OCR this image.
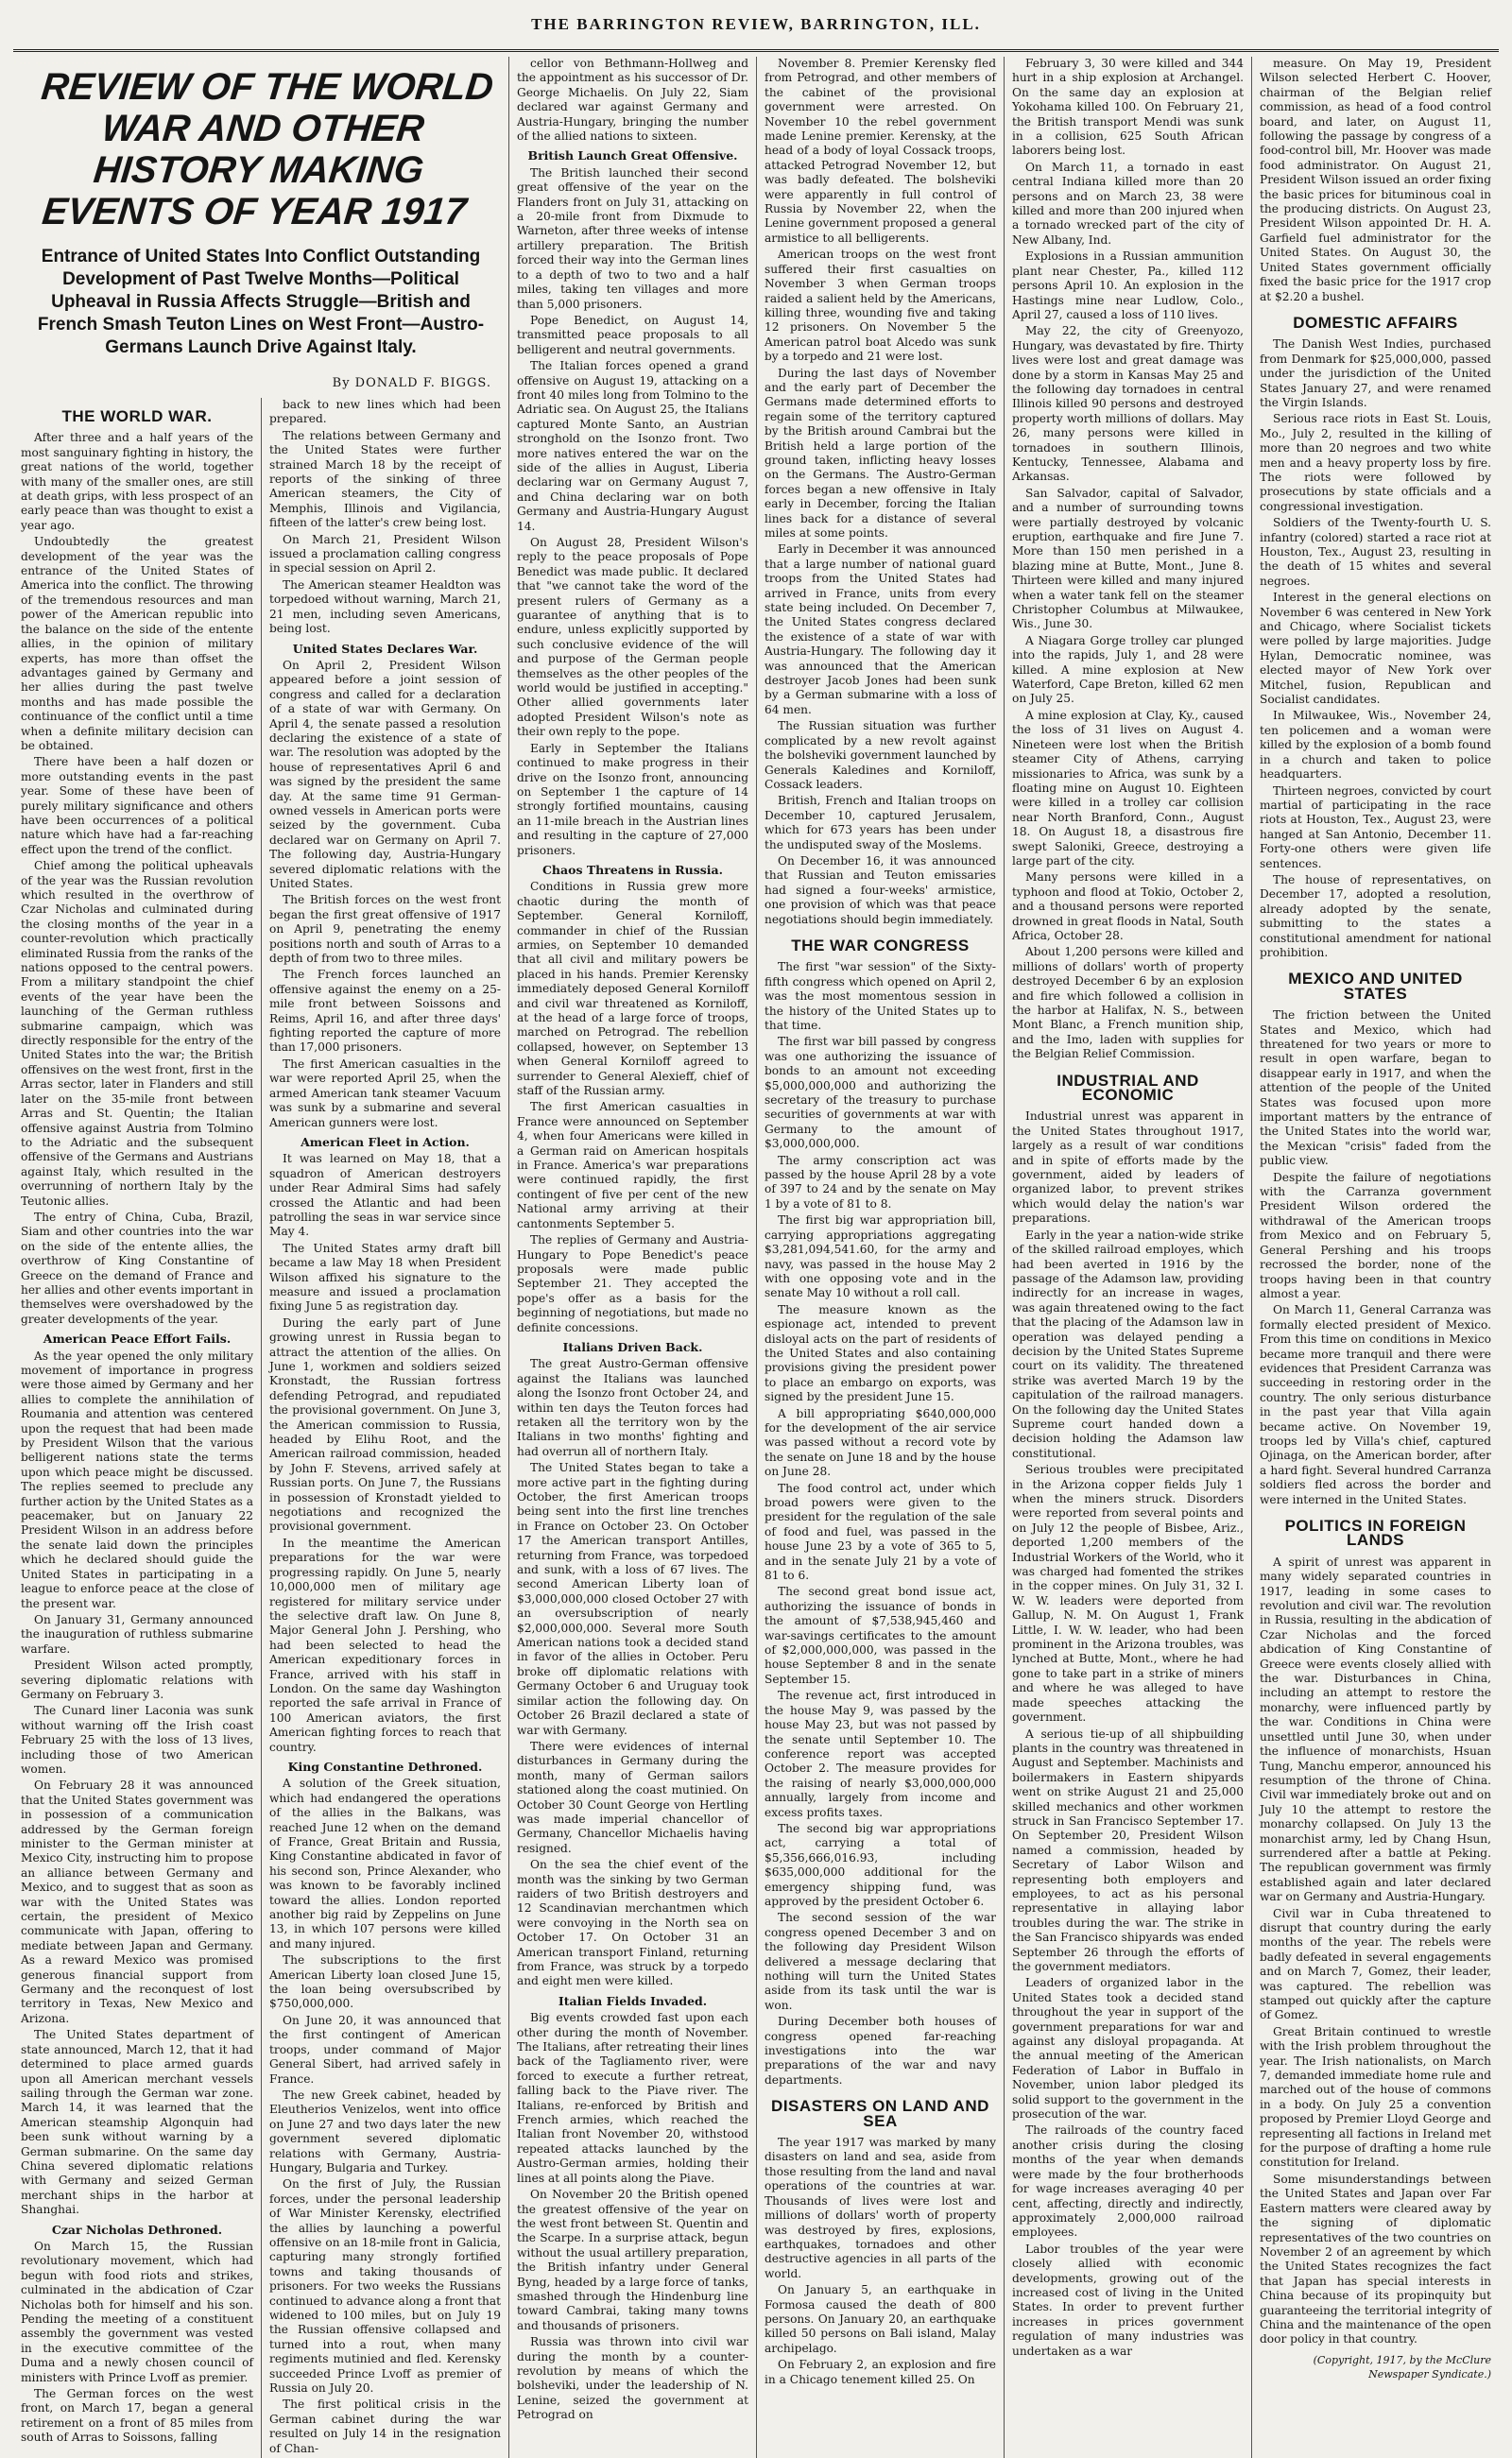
THE BARRINGTON REVIEW, BARRINGTON, ILL.
REVIEW OF THE WORLD WAR AND OTHER HISTORY MAKING EVENTS OF YEAR 1917
Entrance of United States Into Conflict Outstanding Development of Past Twelve Months—Political Upheaval in Russia Affects Struggle—British and French Smash Teuton Lines on West Front—Austro-Germans Launch Drive Against Italy.
By DONALD F. BIGGS.
THE WORLD WAR.

After three and a half years of the most sanguinary fighting in history, the great nations of the world, together with many of the smaller ones, are still at death grips, with less prospect of an early peace than was thought to exist a year ago.

Undoubtedly the greatest development of the year was the entrance of the United States of America into the conflict. The throwing of the tremendous resources and man power of the American republic into the balance on the side of the entente allies, in the opinion of military experts, has more than offset the advantages gained by Germany and her allies during the past twelve months and has made possible the continuance of the conflict until a time when a definite military decision can be obtained.

There have been a half dozen or more outstanding events in the past year. Some of these have been of purely military significance and others have been occurrences of a political nature which have had a far-reaching effect upon the trend of the conflict.

Chief among the political upheavals of the year was the Russian revolution which resulted in the overthrow of Czar Nicholas and culminated during the closing months of the year in a counter-revolution which practically eliminated Russia from the ranks of the nations opposed to the central powers. From a military standpoint the chief events of the year have been the launching of the German ruthless submarine campaign, which was directly responsible for the entry of the United States into the war; the British offensives on the west front, first in the Arras sector, later in Flanders and still later on the 35-mile front between Arras and St. Quentin; the Italian offensive against Austria from Tolmino to the Adriatic and the subsequent offensive of the Germans and Austrians against Italy, which resulted in the overrunning of northern Italy by the Teutonic allies.

The entry of China, Cuba, Brazil, Siam and other countries into the war on the side of the entente allies, the overthrow of King Constantine of Greece on the demand of France and her allies and other events important in themselves were overshadowed by the greater developments of the year.

American Peace Effort Fails.

As the year opened the only military movement of importance in progress were those aimed by Germany and her allies to complete the annihilation of Roumania and attention was centered upon the request that had been made by President Wilson that the various belligerent nations state the terms upon which peace might be discussed. The replies seemed to preclude any further action by the United States as a peacemaker, but on January 22 President Wilson in an address before the senate laid down the principles which he declared should guide the United States in participating in a league to enforce peace at the close of the present war.

On January 31, Germany announced the inauguration of ruthless submarine warfare.

President Wilson acted promptly, severing diplomatic relations with Germany on February 3.

The Cunard liner Laconia was sunk without warning off the Irish coast February 25 with the loss of 13 lives, including those of two American women.

On February 28 it was announced that the United States government was in possession of a communication addressed by the German foreign minister to the German minister at Mexico City, instructing him to propose an alliance between Germany and Mexico, and to suggest that as soon as war with the United States was certain, the president of Mexico communicate with Japan, offering to mediate between Japan and Germany. As a reward Mexico was promised generous financial support from Germany and the reconquest of lost territory in Texas, New Mexico and Arizona.

The United States department of state announced, March 12, that it had determined to place armed guards upon all American merchant vessels sailing through the German war zone. March 14, it was learned that the American steamship Algonquin had been sunk without warning by a German submarine. On the same day China severed diplomatic relations with Germany and seized German merchant ships in the harbor at Shanghai.

Czar Nicholas Dethroned.

On March 15, the Russian revolutionary movement, which had begun with food riots and strikes, culminated in the abdication of Czar Nicholas both for himself and his son. Pending the meeting of a constituent assembly the government was vested in the executive committee of the Duma and a newly chosen council of ministers with Prince Lvoff as premier.

The German forces on the west front, on March 17, began a general retirement on a front of 85 miles from south of Arras to Soissons, falling

back to new lines which had been prepared.

The relations between Germany and the United States were further strained March 18 by the receipt of reports of the sinking of three American steamers, the City of Memphis, Illinois and Vigilancia, fifteen of the latter's crew being lost.

On March 21, President Wilson issued a proclamation calling congress in special session on April 2.

The American steamer Healdton was torpedoed without warning, March 21, 21 men, including seven Americans, being lost.

United States Declares War.

On April 2, President Wilson appeared before a joint session of congress and called for a declaration of a state of war with Germany. On April 4, the senate passed a resolution declaring the existence of a state of war. The resolution was adopted by the house of representatives April 6 and was signed by the president the same day. At the same time 91 German-owned vessels in American ports were seized by the government. Cuba declared war on Germany on April 7. The following day, Austria-Hungary severed diplomatic relations with the United States.

The British forces on the west front began the first great offensive of 1917 on April 9, penetrating the enemy positions north and south of Arras to a depth of from two to three miles.

The French forces launched an offensive against the enemy on a 25-mile front between Soissons and Reims, April 16, and after three days' fighting reported the capture of more than 17,000 prisoners.

The first American casualties in the war were reported April 25, when the armed American tank steamer Vacuum was sunk by a submarine and several American gunners were lost.

American Fleet in Action.

It was learned on May 18, that a squadron of American destroyers under Rear Admiral Sims had safely crossed the Atlantic and had been patrolling the seas in war service since May 4.

The United States army draft bill became a law May 18 when President Wilson affixed his signature to the measure and issued a proclamation fixing June 5 as registration day.

During the early part of June growing unrest in Russia began to attract the attention of the allies. On June 1, workmen and soldiers seized Kronstadt, the Russian fortress defending Petrograd, and repudiated the provisional government. On June 3, the American commission to Russia, headed by Elihu Root, and the American railroad commission, headed by John F. Stevens, arrived safely at Russian ports. On June 7, the Russians in possession of Kronstadt yielded to negotiations and recognized the provisional government.

In the meantime the American preparations for the war were progressing rapidly. On June 5, nearly 10,000,000 men of military age registered for military service under the selective draft law. On June 8, Major General John J. Pershing, who had been selected to head the American expeditionary forces in France, arrived with his staff in London. On the same day Washington reported the safe arrival in France of 100 American aviators, the first American fighting forces to reach that country.

King Constantine Dethroned.

A solution of the Greek situation, which had endangered the operations of the allies in the Balkans, was reached June 12 when on the demand of France, Great Britain and Russia, King Constantine abdicated in favor of his second son, Prince Alexander, who was known to be favorably inclined toward the allies. London reported another big raid by Zeppelins on June 13, in which 107 persons were killed and many injured.

The subscriptions to the first American Liberty loan closed June 15, the loan being oversubscribed by $750,000,000.

On June 20, it was announced that the first contingent of American troops, under command of Major General Sibert, had arrived safely in France.

The new Greek cabinet, headed by Eleutherios Venizelos, went into office on June 27 and two days later the new government severed diplomatic relations with Germany, Austria-Hungary, Bulgaria and Turkey.

On the first of July, the Russian forces, under the personal leadership of War Minister Kerensky, electrified the allies by launching a powerful offensive on an 18-mile front in Galicia, capturing many strongly fortified towns and taking thousands of prisoners. For two weeks the Russians continued to advance along a front that widened to 100 miles, but on July 19 the Russian offensive collapsed and turned into a rout, when many regiments mutinied and fled. Kerensky succeeded Prince Lvoff as premier of Russia on July 20.

The first political crisis in the German cabinet during the war resulted on July 14 in the resignation of Chan-

cellor von Bethmann-Hollweg and the appointment as his successor of Dr. George Michaelis. On July 22, Siam declared war against Germany and Austria-Hungary, bringing the number of the allied nations to sixteen.

British Launch Great Offensive.

The British launched their second great offensive of the year on the Flanders front on July 31, attacking on a 20-mile front from Dixmude to Warneton, after three weeks of intense artillery preparation. The British forced their way into the German lines to a depth of two to two and a half miles, taking ten villages and more than 5,000 prisoners.

Pope Benedict, on August 14, transmitted peace proposals to all belligerent and neutral governments.

The Italian forces opened a grand offensive on August 19, attacking on a front 40 miles long from Tolmino to the Adriatic sea. On August 25, the Italians captured Monte Santo, an Austrian stronghold on the Isonzo front. Two more natives entered the war on the side of the allies in August, Liberia declaring war on Germany August 7, and China declaring war on both Germany and Austria-Hungary August 14.

On August 28, President Wilson's reply to the peace proposals of Pope Benedict was made public. It declared that "we cannot take the word of the present rulers of Germany as a guarantee of anything that is to endure, unless explicitly supported by such conclusive evidence of the will and purpose of the German people themselves as the other peoples of the world would be justified in accepting." Other allied governments later adopted President Wilson's note as their own reply to the pope.

Early in September the Italians continued to make progress in their drive on the Isonzo front, announcing on September 1 the capture of 14 strongly fortified mountains, causing an 11-mile breach in the Austrian lines and resulting in the capture of 27,000 prisoners.

Chaos Threatens in Russia.

Conditions in Russia grew more chaotic during the month of September. General Korniloff, commander in chief of the Russian armies, on September 10 demanded that all civil and military powers be placed in his hands. Premier Kerensky immediately deposed General Korniloff and civil war threatened as Korniloff, at the head of a large force of troops, marched on Petrograd. The rebellion collapsed, however, on September 13 when General Korniloff agreed to surrender to General Alexieff, chief of staff of the Russian army.

The first American casualties in France were announced on September 4, when four Americans were killed in a German raid on American hospitals in France. America's war preparations were continued rapidly, the first contingent of five per cent of the new National army arriving at their cantonments September 5.

The replies of Germany and Austria-Hungary to Pope Benedict's peace proposals were made public September 21. They accepted the pope's offer as a basis for the beginning of negotiations, but made no definite concessions.

Italians Driven Back.

The great Austro-German offensive against the Italians was launched along the Isonzo front October 24, and within ten days the Teuton forces had retaken all the territory won by the Italians in two months' fighting and had overrun all of northern Italy.

The United States began to take a more active part in the fighting during October, the first American troops being sent into the first line trenches in France on October 23. On October 17 the American transport Antilles, returning from France, was torpedoed and sunk, with a loss of 67 lives. The second American Liberty loan of $3,000,000,000 closed October 27 with an oversubscription of nearly $2,000,000,000. Several more South American nations took a decided stand in favor of the allies in October. Peru broke off diplomatic relations with Germany October 6 and Uruguay took similar action the following day. On October 26 Brazil declared a state of war with Germany.

There were evidences of internal disturbances in Germany during the month, many of German sailors stationed along the coast mutinied. On October 30 Count George von Hertling was made imperial chancellor of Germany, Chancellor Michaelis having resigned.

On the sea the chief event of the month was the sinking by two German raiders of two British destroyers and 12 Scandinavian merchantmen which were convoying in the North sea on October 17. On October 31 an American transport Finland, returning from France, was struck by a torpedo and eight men were killed.

Italian Fields Invaded.

Big events crowded fast upon each other during the month of November. The Italians, after retreating their lines back of the Tagliamento river, were forced to execute a further retreat, falling back to the Piave river. The Italians, re-enforced by British and French armies, which reached the Italian front November 20, withstood repeated attacks launched by the Austro-German armies, holding their lines at all points along the Piave.

On November 20 the British opened the greatest offensive of the year on the west front between St. Quentin and the Scarpe. In a surprise attack, begun without the usual artillery preparation, the British infantry under General Byng, headed by a large force of tanks, smashed through the Hindenburg line toward Cambrai, taking many towns and thousands of prisoners.

Russia was thrown into civil war during the month by a counter-revolution by means of which the bolsheviki, under the leadership of N. Lenine, seized the government at Petrograd on

November 8. Premier Kerensky fled from Petrograd, and other members of the cabinet of the provisional government were arrested. On November 10 the rebel government made Lenine premier. Kerensky, at the head of a body of loyal Cossack troops, attacked Petrograd November 12, but was badly defeated. The bolsheviki were apparently in full control of Russia by November 22, when the Lenine government proposed a general armistice to all belligerents.

American troops on the west front suffered their first casualties on November 3 when German troops raided a salient held by the Americans, killing three, wounding five and taking 12 prisoners. On November 5 the American patrol boat Alcedo was sunk by a torpedo and 21 were lost.

During the last days of November and the early part of December the Germans made determined efforts to regain some of the territory captured by the British around Cambrai but the British held a large portion of the ground taken, inflicting heavy losses on the Germans. The Austro-German forces began a new offensive in Italy early in December, forcing the Italian lines back for a distance of several miles at some points.

Early in December it was announced that a large number of national guard troops from the United States had arrived in France, units from every state being included. On December 7, the United States congress declared the existence of a state of war with Austria-Hungary. The following day it was announced that the American destroyer Jacob Jones had been sunk by a German submarine with a loss of 64 men.

The Russian situation was further complicated by a new revolt against the bolsheviki government launched by Generals Kaledines and Korniloff, Cossack leaders.

British, French and Italian troops on December 10, captured Jerusalem, which for 673 years has been under the undisputed sway of the Moslems.

On December 16, it was announced that Russian and Teuton emissaries had signed a four-weeks' armistice, one provision of which was that peace negotiations should begin immediately.

THE WAR CONGRESS

The first "war session" of the Sixty-fifth congress which opened on April 2, was the most momentous session in the history of the United States up to that time.

The first war bill passed by congress was one authorizing the issuance of bonds to an amount not exceeding $5,000,000,000 and authorizing the secretary of the treasury to purchase securities of governments at war with Germany to the amount of $3,000,000,000.

The army conscription act was passed by the house April 28 by a vote of 397 to 24 and by the senate on May 1 by a vote of 81 to 8.

The first big war appropriation bill, carrying appropriations aggregating $3,281,094,541.60, for the army and navy, was passed in the house May 2 with one opposing vote and in the senate May 10 without a roll call.

The measure known as the espionage act, intended to prevent disloyal acts on the part of residents of the United States and also containing provisions giving the president power to place an embargo on exports, was signed by the president June 15.

A bill appropriating $640,000,000 for the development of the air service was passed without a record vote by the senate on June 18 and by the house on June 28.

The food control act, under which broad powers were given to the president for the regulation of the sale of food and fuel, was passed in the house June 23 by a vote of 365 to 5, and in the senate July 21 by a vote of 81 to 6.

The second great bond issue act, authorizing the issuance of bonds in the amount of $7,538,945,460 and war-savings certificates to the amount of $2,000,000,000, was passed in the house September 8 and in the senate September 15.

The revenue act, first introduced in the house May 9, was passed by the house May 23, but was not passed by the senate until September 10. The conference report was accepted October 2. The measure provides for the raising of nearly $3,000,000,000 annually, largely from income and excess profits taxes.

The second big war appropriations act, carrying a total of $5,356,666,016.93, including $635,000,000 additional for the emergency shipping fund, was approved by the president October 6.

The second session of the war congress opened December 3 and on the following day President Wilson delivered a message declaring that nothing will turn the United States aside from its task until the war is won.

During December both houses of congress opened far-reaching investigations into the war preparations of the war and navy departments.

DISASTERS ON LAND AND SEA

The year 1917 was marked by many disasters on land and sea, aside from those resulting from the land and naval operations of the countries at war. Thousands of lives were lost and millions of dollars' worth of property was destroyed by fires, explosions, earthquakes, tornadoes and other destructive agencies in all parts of the world.

On January 5, an earthquake in Formosa caused the death of 800 persons. On January 20, an earthquake killed 50 persons on Bali island, Malay archipelago.

On February 2, an explosion and fire in a Chicago tenement killed 25. On

February 3, 30 were killed and 344 hurt in a ship explosion at Archangel. On the same day an explosion at Yokohama killed 100. On February 21, the British transport Mendi was sunk in a collision, 625 South African laborers being lost.

On March 11, a tornado in east central Indiana killed more than 20 persons and on March 23, 38 were killed and more than 200 injured when a tornado wrecked part of the city of New Albany, Ind.

Explosions in a Russian ammunition plant near Chester, Pa., killed 112 persons April 10. An explosion in the Hastings mine near Ludlow, Colo., April 27, caused a loss of 110 lives.

May 22, the city of Greenyozo, Hungary, was devastated by fire. Thirty lives were lost and great damage was done by a storm in Kansas May 25 and the following day tornadoes in central Illinois killed 90 persons and destroyed property worth millions of dollars. May 26, many persons were killed in tornadoes in southern Illinois, Kentucky, Tennessee, Alabama and Arkansas.

San Salvador, capital of Salvador, and a number of surrounding towns were partially destroyed by volcanic eruption, earthquake and fire June 7. More than 150 men perished in a blazing mine at Butte, Mont., June 8. Thirteen were killed and many injured when a water tank fell on the steamer Christopher Columbus at Milwaukee, Wis., June 30.

A Niagara Gorge trolley car plunged into the rapids, July 1, and 28 were killed. A mine explosion at New Waterford, Cape Breton, killed 62 men on July 25.

A mine explosion at Clay, Ky., caused the loss of 31 lives on August 4. Nineteen were lost when the British steamer City of Athens, carrying missionaries to Africa, was sunk by a floating mine on August 10. Eighteen were killed in a trolley car collision near North Branford, Conn., August 18. On August 18, a disastrous fire swept Saloniki, Greece, destroying a large part of the city.

Many persons were killed in a typhoon and flood at Tokio, October 2, and a thousand persons were reported drowned in great floods in Natal, South Africa, October 28.

About 1,200 persons were killed and millions of dollars' worth of property destroyed December 6 by an explosion and fire which followed a collision in the harbor at Halifax, N. S., between Mont Blanc, a French munition ship, and the Imo, laden with supplies for the Belgian Relief Commission.

INDUSTRIAL AND ECONOMIC

Industrial unrest was apparent in the United States throughout 1917, largely as a result of war conditions and in spite of efforts made by the government, aided by leaders of organized labor, to prevent strikes which would delay the nation's war preparations.

Early in the year a nation-wide strike of the skilled railroad employes, which had been averted in 1916 by the passage of the Adamson law, providing indirectly for an increase in wages, was again threatened owing to the fact that the placing of the Adamson law in operation was delayed pending a decision by the United States Supreme court on its validity. The threatened strike was averted March 19 by the capitulation of the railroad managers. On the following day the United States Supreme court handed down a decision holding the Adamson law constitutional.

Serious troubles were precipitated in the Arizona copper fields July 1 when the miners struck. Disorders were reported from several points and on July 12 the people of Bisbee, Ariz., deported 1,200 members of the Industrial Workers of the World, who it was charged had fomented the strikes in the copper mines. On July 31, 32 I. W. W. leaders were deported from Gallup, N. M. On August 1, Frank Little, I. W. W. leader, who had been prominent in the Arizona troubles, was lynched at Butte, Mont., where he had gone to take part in a strike of miners and where he was alleged to have made speeches attacking the government.

A serious tie-up of all shipbuilding plants in the country was threatened in August and September. Machinists and boilermakers in Eastern shipyards went on strike August 21 and 25,000 skilled mechanics and other workmen struck in San Francisco September 17. On September 20, President Wilson named a commission, headed by Secretary of Labor Wilson and representing both employers and employees, to act as his personal representative in allaying labor troubles during the war. The strike in the San Francisco shipyards was ended September 26 through the efforts of the government mediators.

Leaders of organized labor in the United States took a decided stand throughout the year in support of the government preparations for war and against any disloyal propaganda. At the annual meeting of the American Federation of Labor in Buffalo in November, union labor pledged its solid support to the government in the prosecution of the war.

The railroads of the country faced another crisis during the closing months of the year when demands were made by the four brotherhoods for wage increases averaging 40 per cent, affecting, directly and indirectly, approximately 2,000,000 railroad employees.

Labor troubles of the year were closely allied with economic developments, growing out of the increased cost of living in the United States. In order to prevent further increases in prices government regulation of many industries was undertaken as a war

measure. On May 19, President Wilson selected Herbert C. Hoover, chairman of the Belgian relief commission, as head of a food control board, and later, on August 11, following the passage by congress of a food-control bill, Mr. Hoover was made food administrator. On August 21, President Wilson issued an order fixing the basic prices for bituminous coal in the producing districts. On August 23, President Wilson appointed Dr. H. A. Garfield fuel administrator for the United States. On August 30, the United States government officially fixed the basic price for the 1917 crop at $2.20 a bushel.

DOMESTIC AFFAIRS

The Danish West Indies, purchased from Denmark for $25,000,000, passed under the jurisdiction of the United States January 27, and were renamed the Virgin Islands.

Serious race riots in East St. Louis, Mo., July 2, resulted in the killing of more than 20 negroes and two white men and a heavy property loss by fire. The riots were followed by prosecutions by state officials and a congressional investigation.

Soldiers of the Twenty-fourth U. S. infantry (colored) started a race riot at Houston, Tex., August 23, resulting in the death of 15 whites and several negroes.

Interest in the general elections on November 6 was centered in New York and Chicago, where Socialist tickets were polled by large majorities. Judge Hylan, Democratic nominee, was elected mayor of New York over Mitchel, fusion, Republican and Socialist candidates.

In Milwaukee, Wis., November 24, ten policemen and a woman were killed by the explosion of a bomb found in a church and taken to police headquarters.

Thirteen negroes, convicted by court martial of participating in the race riots at Houston, Tex., August 23, were hanged at San Antonio, December 11. Forty-one others were given life sentences.

The house of representatives, on December 17, adopted a resolution, already adopted by the senate, submitting to the states a constitutional amendment for national prohibition.

MEXICO AND UNITED STATES

The friction between the United States and Mexico, which had threatened for two years or more to result in open warfare, began to disappear early in 1917, and when the attention of the people of the United States was focused upon more important matters by the entrance of the United States into the world war, the Mexican "crisis" faded from the public view.

Despite the failure of negotiations with the Carranza government President Wilson ordered the withdrawal of the American troops from Mexico and on February 5, General Pershing and his troops recrossed the border, none of the troops having been in that country almost a year.

On March 11, General Carranza was formally elected president of Mexico. From this time on conditions in Mexico became more tranquil and there were evidences that President Carranza was succeeding in restoring order in the country. The only serious disturbance in the past year that Villa again became active. On November 19, troops led by Villa's chief, captured Ojinaga, on the American border, after a hard fight. Several hundred Carranza soldiers fled across the border and were interned in the United States.

POLITICS IN FOREIGN LANDS

A spirit of unrest was apparent in many widely separated countries in 1917, leading in some cases to revolution and civil war. The revolution in Russia, resulting in the abdication of Czar Nicholas and the forced abdication of King Constantine of Greece were events closely allied with the war. Disturbances in China, including an attempt to restore the monarchy, were influenced partly by the war. Conditions in China were unsettled until June 30, when under the influence of monarchists, Hsuan Tung, Manchu emperor, announced his resumption of the throne of China. Civil war immediately broke out and on July 10 the attempt to restore the monarchy collapsed. On July 13 the monarchist army, led by Chang Hsun, surrendered after a battle at Peking. The republican government was firmly established again and later declared war on Germany and Austria-Hungary.

Civil war in Cuba threatened to disrupt that country during the early months of the year. The rebels were badly defeated in several engagements and on March 7, Gomez, their leader, was captured. The rebellion was stamped out quickly after the capture of Gomez.

Great Britain continued to wrestle with the Irish problem throughout the year. The Irish nationalists, on March 7, demanded immediate home rule and marched out of the house of commons in a body. On July 25 a convention proposed by Premier Lloyd George and representing all factions in Ireland met for the purpose of drafting a home rule constitution for Ireland.

Some misunderstandings between the United States and Japan over Far Eastern matters were cleared away by the signing of diplomatic representatives of the two countries on November 2 of an agreement by which the United States recognizes the fact that Japan has special interests in China because of its propinquity but guaranteeing the territorial integrity of China and the maintenance of the open door policy in that country.

(Copyright, 1917, by the McClure Newspaper Syndicate.)
